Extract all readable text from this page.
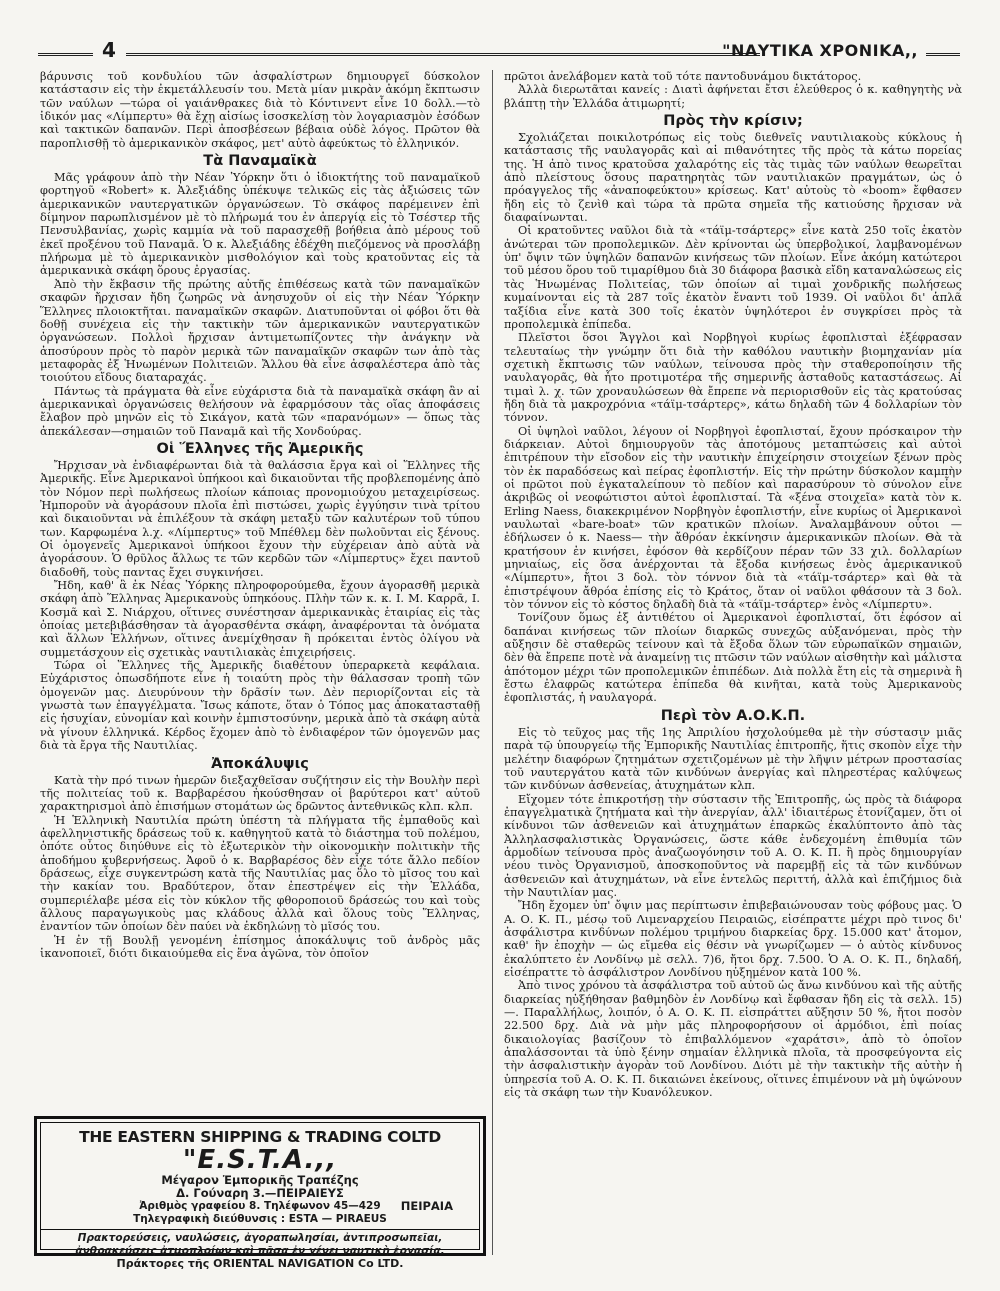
4	"ΝΑΥΤΙΚΑ ΧΡΟΝΙΚΑ,,

βάρυνσις τοῦ κονδυλίου τῶν ἀσφαλίστρων δημιουργεῖ δύσκολον κατάστασιν εἰς τὴν ἐκμετάλλευσίν του. Μετὰ μίαν μικρὰν ἀκόμη ἔκπτωσιν τῶν ναύλων —τώρα οἱ γαιάνθρακες διὰ τὸ Κόντινεντ εἶνε 10 δολλ.—τὸ ἰδικόν μας «Λίμπερτυ» θὰ ἔχῃ αἰσίως ἰσοσκελίσῃ τὸν λογαριασμὸν ἐσόδων καὶ τακτικῶν δαπανῶν. Περὶ ἀποσβέσεων βέβαια οὐδὲ λόγος. Πρῶτον θὰ παροπλισθῇ τὸ ἀμερικανικὸν σκάφος, μετ' αὐτὸ ἀφεύκτως τὸ ἑλληνικόν.

Τὰ Παναμαϊκὰ

Μᾶς γράφουν ἀπὸ τὴν Νέαν Ὑόρκην ὅτι ὁ ἰδιοκτήτης τοῦ παναμαϊκοῦ φορτηγοῦ «Robert» κ. Ἀλεξιάδης ὑπέκυψε τελικῶς εἰς τὰς ἀξιώσεις τῶν ἀμερικανικῶν ναυτεργατικῶν ὀργανώσεων. Τὸ σκάφος παρέμεινεν ἐπὶ δίμηνον παρωπλισμένον μὲ τὸ πλήρωμά του ἐν ἀπεργίᾳ εἰς τὸ Τσέστερ τῆς Πενσυλβανίας, χωρὶς καμμία νὰ τοῦ παρασχεθῇ βοήθεια ἀπὸ μέρους τοῦ ἐκεῖ προξένου τοῦ Παναμᾶ. Ὁ κ. Ἀλεξιάδης ἐδέχθη πιεζόμενος νὰ προσλάβῃ πλήρωμα μὲ τὸ ἀμερικανικὸν μισθολόγιον καὶ τοὺς κρατοῦντας εἰς τὰ ἀμερικανικὰ σκάφη ὅρους ἐργασίας.

Ἀπὸ τὴν ἔκβασιν τῆς πρώτης αὐτῆς ἐπιθέσεως κατὰ τῶν παναμαϊκῶν σκαφῶν ἤρχισαν ἤδη ζωηρῶς νὰ ἀνησυχοῦν οἱ εἰς τὴν Νέαν Ὑόρκην Ἕλληνες πλοιοκτῆται. παναμαϊκῶν σκαφῶν. Διατυποῦνται οἱ φόβοι ὅτι θὰ δοθῇ συνέχεια εἰς τὴν τακτικὴν τῶν ἀμερικανικῶν ναυτεργατικῶν ὀργανώσεων. Πολλοὶ ἤρχισαν ἀντιμετωπίζοντες τὴν ἀνάγκην νὰ ἀποσύρουν πρὸς τὸ παρὸν μερικὰ τῶν παναμαϊκῶν σκαφῶν των ἀπὸ τὰς μεταφορὰς ἐξ Ἡνωμένων Πολιτειῶν. Ἄλλου θὰ εἶνε ἀσφαλέστερα ἀπὸ τὰς τοιούτου εἴδους διαταραχάς.

Πάντως τὰ πράγματα θὰ εἶνε εὐχάριστα διὰ τὰ παναμαϊκὰ σκάφη ἂν αἱ ἀμερικανικαὶ ὀργανώσεις θελήσουν νὰ ἐφαρμόσουν τὰς οἵας ἀποφάσεις ἔλαβον πρὸ μηνῶν εἰς τὸ Σικάγον, κατὰ τῶν «παρανόμων» — ὅπως τὰς ἀπεκάλεσαν—σημαιῶν τοῦ Παναμᾶ καὶ τῆς Χονδούρας.

Οἱ Ἕλληνες τῆς Ἀμερικῆς

Ἤρχισαν νὰ ἐνδιαφέρωνται διὰ τὰ θαλάσσια ἔργα καὶ οἱ Ἕλληνες τῆς Ἀμερικῆς. Εἶνε Ἀμερικανοὶ ὑπήκοοι καὶ δικαιοῦνται τῆς προβλεπομένης ἀπὸ τὸν Νόμον περὶ πωλήσεως πλοίων κάποιας προνομιούχου μεταχειρίσεως. Ἠμποροῦν νὰ ἀγοράσουν πλοῖα ἐπὶ πιστώσει, χωρὶς ἐγγύησιν τινὰ τρίτου καὶ δικαιοῦνται νὰ ἐπιλέξουν τὰ σκάφη μεταξὺ τῶν καλυτέρων τοῦ τύπου των. Καρφωμένα λ.χ. «Λίμπερτυς» τοῦ Μπέθλεμ δὲν πωλοῦνται εἰς ξένους. Οἱ ὁμογενεῖς Ἀμερικανοὶ ὑπήκοοι ἔχουν τὴν εὐχέρειαν ἀπὸ αὐτὰ νὰ ἀγοράσουν. Ὁ θρῦλος ἄλλως τε τῶν κερδῶν τῶν «Λίμπερτυς» ἔχει παντοῦ διαδοθῆ, τοὺς παντας ἔχει συγκινήσει.

Ἤδη, καθ' ἃ ἐκ Νέας Ὑόρκης πληροφορούμεθα, ἔχουν ἀγορασθῆ μερικὰ σκάφη ἀπὸ Ἕλληνας Ἀμερικανοὺς ὑπηκόους. Πλὴν τῶν κ. κ. Ι. Μ. Καρρᾶ, Ι. Κοσμᾶ καὶ Σ. Νιάρχου, οἵτινες συνέστησαν ἀμερικανικὰς ἑταιρίας εἰς τὰς ὁποίας μετεβιβάσθησαν τὰ ἀγορασθέντα σκάφη, ἀναφέρονται τὰ ὀνόματα καὶ ἄλλων Ἑλλήνων, οἵτινες ἀνεμίχθησαν ἢ πρόκειται ἐντὸς ὀλίγου νὰ συμμετάσχουν εἰς σχετικὰς ναυτιλιακὰς ἐπιχειρήσεις.

Τώρα οἱ Ἕλληνες τῆς Ἀμερικῆς διαθέτουν ὑπεραρκετὰ κεφάλαια. Εὐχάριστος ὁπωσδήποτε εἶνε ἡ τοιαύτη πρὸς τὴν θάλασσαν τροπὴ τῶν ὁμογενῶν μας. Διευρύνουν τὴν δρᾶσίν των. Δὲν περιορίζονται εἰς τὰ γνωστὰ των ἐπαγγέλματα. Ἴσως κάποτε, ὅταν ὁ Τόπος μας ἀποκατασταθῇ εἰς ἡσυχίαν, εὐνομίαν καὶ κοινὴν ἐμπιστοσύνην, μερικὰ ἀπὸ τὰ σκάφη αὐτὰ νὰ γίνουν ἑλληνικά. Κέρδος ἔχομεν ἀπὸ τὸ ἐνδιαφέρον τῶν ὁμογενῶν μας διὰ τὰ ἔργα τῆς Ναυτιλίας.

Ἀποκάλυψις

Κατὰ τὴν πρό τινων ἡμερῶν διεξαχθεῖσαν συζήτησιν εἰς τὴν Βουλὴν περὶ τῆς πολιτείας τοῦ κ. Βαρβαρέσου ἠκούσθησαν οἱ βαρύτεροι κατ' αὐτοῦ χαρακτηρισμοὶ ἀπὸ ἐπισήμων στομάτων ὡς δρῶντος ἀντεθνικῶς κλπ. κλπ.

Ἡ Ἑλληνικὴ Ναυτιλία πρώτη ὑπέστη τὰ πλήγματα τῆς ἐμπαθοῦς καὶ ἀφελληνιστικῆς δράσεως τοῦ κ. καθηγητοῦ κατὰ τὸ διάστημα τοῦ πολέμου, ὁπότε οὗτος διηύθυνε εἰς τὸ ἐξωτερικὸν τὴν οἰκονομικὴν πολιτικὴν τῆς ἀποδήμου κυβερνήσεως. Ἀφοῦ ὁ κ. Βαρβαρέσος δὲν εἶχε τότε ἄλλο πεδίον δράσεως, εἶχε συγκεντρώση κατὰ τῆς Ναυτιλίας μας ὅλο τὸ μῖσος του καὶ τὴν κακίαν του. Βραδύτερον, ὅταν ἐπεστρέψεν εἰς τὴν Ἑλλάδα, συμπεριέλαβε μέσα εἰς τὸν κύκλον τῆς φθοροποιοῦ δράσεώς του καὶ τοὺς ἄλλους παραγωγικοὺς μας κλάδους ἀλλὰ καὶ ὅλους τοὺς Ἕλληνας, ἐναντίον τῶν ὁποίων δὲν παύει νὰ ἐκδηλώνῃ τὸ μῖσός του.

Ἡ ἐν τῇ Βουλῇ γενομένη ἐπίσημος ἀποκάλυψις τοῦ ἀνδρὸς μᾶς ἱκανοποιεῖ, διότι δικαιούμεθα εἰς ἕνα ἀγῶνα, τὸν ὁποῖον

THE EASTERN SHIPPING & TRADING COLTD
"E.S.T.A.,,
Μέγαρον Ἐμπορικῆς Τραπέζης
Δ. Γούναρη 3.—ΠΕΙΡΑΙΕΥΣ
Ἀριθμὸς γραφείου 8. Τηλέφωνον 45—429 ΠΕΙΡΑΙΑ
Τηλεγραφικὴ διεύθυνσις : ESTA — PIRAEUS
Πρακτορεύσεις, ναυλώσεις, ἀγοραπωλησίαι, ἀντιπροσωπεῖαι,
ἀνθρακεύσεις ἀτμοπλοίων καὶ πᾶσα ἐν γένει ναυτικὴ ἐργασία.
Πράκτορες τῆς ORIENTAL NAVIGATION Co LTD.

πρῶτοι ἀνελάβομεν κατὰ τοῦ τότε παντοδυνάμου δικτάτορος.

Ἀλλὰ διερωτᾶται κανείς : Διατὶ ἀφήνεται ἔτσι ἐλεύθερος ὁ κ. καθηγητὴς νὰ βλάπτῃ τὴν Ἑλλάδα ἀτιμωρητί;

Πρὸς τὴν κρίσιν;

Σχολιάζεται ποικιλοτρόπως εἰς τοὺς διεθνεῖς ναυτιλιακοὺς κύκλους ἡ κατάστασις τῆς ναυλαγορᾶς καὶ αἱ πιθανότητες τῆς πρὸς τὰ κάτω πορείας της. Ἡ ἀπὸ τινος κρατοῦσα χαλαρότης εἰς τὰς τιμὰς τῶν ναύλων θεωρεῖται ἀπὸ πλείστους ὅσους παρατηρητὰς τῶν ναυτιλιακῶν πραγμάτων, ὡς ὁ πρόαγγελος τῆς «ἀναποφεύκτου» κρίσεως. Κατ' αὐτοὺς τὸ «boom» ἔφθασεν ἤδη εἰς τὸ ζενὶθ καὶ τώρα τὰ πρῶτα σημεῖα τῆς κατιούσης ἤρχισαν νὰ διαφαίνωνται.

Οἱ κρατοῦντες ναῦλοι διὰ τὰ «τάϊμ-τσάρτερς» εἶνε κατὰ 250 τοῖς ἑκατὸν ἀνώτεραι τῶν προπολεμικῶν. Δὲν κρίνονται ὡς ὑπερβολικοί, λαμβανομένων ὑπ' ὄψιν τῶν ὑψηλῶν δαπανῶν κινήσεως τῶν πλοίων. Εἶνε ἀκόμη κατώτεροι τοῦ μέσου ὅρου τοῦ τιμαρίθμου διὰ 30 διάφορα βασικὰ εἴδη καταναλώσεως εἰς τὰς Ἡνωμένας Πολιτείας, τῶν ὁποίων αἱ τιμαὶ χονδρικῆς πωλήσεως κυμαίνονται εἰς τὰ 287 τοῖς ἑκατὸν ἔναντι τοῦ 1939. Οἱ ναῦλοι δι' ἁπλᾶ ταξίδια εἶνε κατὰ 300 τοῖς ἑκατὸν ὑψηλότεροι ἐν συγκρίσει πρὸς τὰ προπολεμικὰ ἐπίπεδα.

Πλεῖστοι ὅσοι Ἄγγλοι καὶ Νορβηγοὶ κυρίως ἐφοπλισταὶ ἐξέφρασαν τελευταίως τὴν γνώμην ὅτι διὰ τὴν καθόλου ναυτικὴν βιομηχανίαν μία σχετικὴ ἔκπτωσις τῶν ναύλων, τείνουσα πρὸς τὴν σταθεροποίησιν τῆς ναυλαγορᾶς, θὰ ἦτο προτιμοτέρα τῆς σημερινῆς ἀσταθοῦς καταστάσεως. Αἱ τιμαὶ λ. χ. τῶν χροναυλώσεων θὰ ἔπρεπε νὰ περιορισθοῦν εἰς τὰς κρατούσας ἤδη διὰ τὰ μακροχρόνια «τάϊμ-τσάρτερς», κάτω δηλαδὴ τῶν 4 δολλαρίων τὸν τόννον.

Οἱ ὑψηλοὶ ναῦλοι, λέγουν οἱ Νορβηγοὶ ἐφοπλισταί, ἔχουν πρόσκαιρον τὴν διάρκειαν. Αὐτοὶ δημιουργοῦν τὰς ἀποτόμους μεταπτώσεις καὶ αὐτοὶ ἐπιτρέπουν τὴν εἴσοδον εἰς τὴν ναυτικὴν ἐπιχείρησιν στοιχείων ξένων πρὸς τὸν ἐκ παραδόσεως καὶ πείρας ἐφοπλιστήν. Εἰς τὴν πρώτην δύσκολον καμπὴν οἱ πρῶτοι ποὺ ἐγκαταλείπουν τὸ πεδίον καὶ παρασύρουν τὸ σύνολον εἶνε ἀκριβῶς οἱ νεοφώτιστοι αὐτοὶ ἐφοπλισταί. Τὰ «ξένα στοιχεῖα» κατὰ τὸν κ. Erling Naess, διακεκριμένον Νορβηγὸν ἐφοπλιστήν, εἶνε κυρίως οἱ Ἀμερικανοὶ ναυλωταὶ «bare-boat» τῶν κρατικῶν πλοίων. Ἀναλαμβάνουν οὗτοι —ἐδήλωσεν ὁ κ. Naess— τὴν ἄθρόαν ἐκκίνησιν ἀμερικανικῶν πλοίων. Θὰ τὰ κρατήσουν ἐν κινήσει, ἐφόσον θὰ κερδίζουν πέραν τῶν 33 χιλ. δολλαρίων μηνιαίως, εἰς ὅσα ἀνέρχονται τὰ ἔξοδα κινήσεως ἑνὸς ἀμερικανικοῦ «Λίμπερτυ», ἤτοι 3 δολ. τὸν τόννον διὰ τὰ «τάϊμ-τσάρτερ» καὶ θὰ τὰ ἐπιστρέψουν ἄθρόα ἐπίσης εἰς τὸ Κράτος, ὅταν οἱ ναῦλοι φθάσουν τὰ 3 δολ. τὸν τόννον εἰς τὸ κόστος δηλαδὴ διὰ τὰ «τάϊμ-τσάρτερ» ἑνὸς «Λίμπερτυ».

Τονίζουν ὅμως ἐξ ἀντιθέτου οἱ Ἀμερικανοὶ ἐφοπλισταί, ὅτι ἐφόσον αἱ δαπάναι κινήσεως τῶν πλοίων διαρκῶς συνεχῶς αὐξανόμεναι, πρὸς τὴν αὔξησιν δὲ σταθερῶς τείνουν καὶ τὰ ἔξοδα ὅλων τῶν εὐρωπαϊκῶν σημαιῶν, δὲν θὰ ἔπρεπε ποτὲ νὰ ἀναμείνῃ τις πτῶσιν τῶν ναύλων αἰσθητὴν καὶ μάλιστα ἀπότομον μέχρι τῶν προπολεμικῶν ἐπιπέδων. Διὰ πολλὰ ἔτη εἰς τὰ σημερινὰ ἢ ἔστω ἐλαφρῶς κατώτερα ἐπίπεδα θὰ κινῆται, κατὰ τοὺς Ἀμερικανοὺς ἐφοπλιστάς, ἡ ναυλαγορά.

Περὶ τὸν Α.Ο.Κ.Π.

Εἰς τὸ τεῦχος μας τῆς 1ης Ἀπριλίου ἠσχολούμεθα μὲ τὴν σύστασιν μιᾶς παρὰ τῷ ὑπουργείῳ τῆς Ἐμπορικῆς Ναυτιλίας ἐπιτροπῆς, ἥτις σκοπὸν εἶχε τὴν μελέτην διαφόρων ζητημάτων σχετιζομένων μὲ τὴν λῆψιν μέτρων προστασίας τοῦ ναυτεργάτου κατὰ τῶν κινδύνων ἀνεργίας καὶ πληρεστέρας καλύψεως τῶν κινδύνων ἀσθενείας, ἀτυχημάτων κλπ.

Εἴχομεν τότε ἐπικροτήσῃ τὴν σύστασιν τῆς Ἐπιτροπῆς, ὡς πρὸς τὰ διάφορα ἐπαγγελματικὰ ζητήματα καὶ τὴν ἀνεργίαν, ἀλλ' ἰδιαιτέρως ἐτονίζαμεν, ὅτι οἱ κίνδυνοι τῶν ἀσθενειῶν καὶ ἀτυχημάτων ἐπαρκῶς ἐκαλύπτοντο ἀπὸ τὰς Ἀλληλασφαλιστικὰς Ὀργανώσεις, ὥστε κάθε ἐνδεχομένη ἐπιθυμία τῶν ἁρμοδίων τείνουσα πρὸς ἀναζωογόνησιν τοῦ Α. Ο. Κ. Π. ἢ πρὸς δημιουργίαν νέου τινὸς Ὀργανισμοῦ, ἀποσκοποῦντος νὰ παρεμβῇ εἰς τὰ τῶν κινδύνων ἀσθενειῶν καὶ ἀτυχημάτων, νὰ εἶνε ἐντελῶς περιττή, ἀλλὰ καὶ ἐπιζήμιος διὰ τὴν Ναυτιλίαν μας.

Ἤδη ἔχομεν ὑπ' ὄψιν μας περίπτωσιν ἐπιβεβαιώνουσαν τοὺς φόβους μας. Ὁ Α. Ο. Κ. Π., μέσῳ τοῦ Λιμεναρχείου Πειραιῶς, εἰσέπραττε μέχρι πρὸ τινος δι' ἀσφάλιστρα κινδύνων πολέμου τριμήνου διαρκείας δρχ. 15.000 κατ' ἄτομον, καθ' ἣν ἐποχὴν — ὡς εἴμεθα εἰς θέσιν νὰ γνωρίζωμεν — ὁ αὐτὸς κίνδυνος ἐκαλύπτετο ἐν Λονδίνῳ μὲ σελλ. 7)6, ἤτοι δρχ. 7.500. Ὁ Α. Ο. Κ. Π., δηλαδή, εἰσέπραττε τὸ ἀσφάλιστρον Λονδίνου ηὐξημένον κατὰ 100 %.

Ἀπὸ τινος χρόνου τὰ ἀσφάλιστρα τοῦ αὐτοῦ ὡς ἄνω κινδύνου καὶ τῆς αὐτῆς διαρκείας ηὐξήθησαν βαθμηδὸν ἐν Λονδίνῳ καὶ ἔφθασαν ἤδη εἰς τὰ σελλ. 15)—. Παραλλήλως, λοιπόν, ὁ Α. Ο. Κ. Π. εἰσπράττει αὔξησιν 50 %, ἤτοι ποσὸν 22.500 δρχ. Διὰ νὰ μὴν μᾶς πληροφορήσουν οἱ ἁρμόδιοι, ἐπὶ ποίας δικαιολογίας βασίζουν τὸ ἐπιβαλλόμενον «χαράτσι», ἀπὸ τὸ ὁποῖον ἀπαλάσσονται τὰ ὑπὸ ξένην σημαίαν ἑλληνικὰ πλοῖα, τὰ προσφεύγοντα εἰς τὴν ἀσφαλιστικὴν ἀγορὰν τοῦ Λονδίνου. Διότι μὲ τὴν τακτικὴν τῆς αὐτὴν ἡ ὑπηρεσία τοῦ Α. Ο. Κ. Π. δικαιώνει ἐκείνους, οἵτινες ἐπιμένουν νὰ μὴ ὑψώνουν εἰς τὰ σκάφη των τὴν Κυανόλευκον.
